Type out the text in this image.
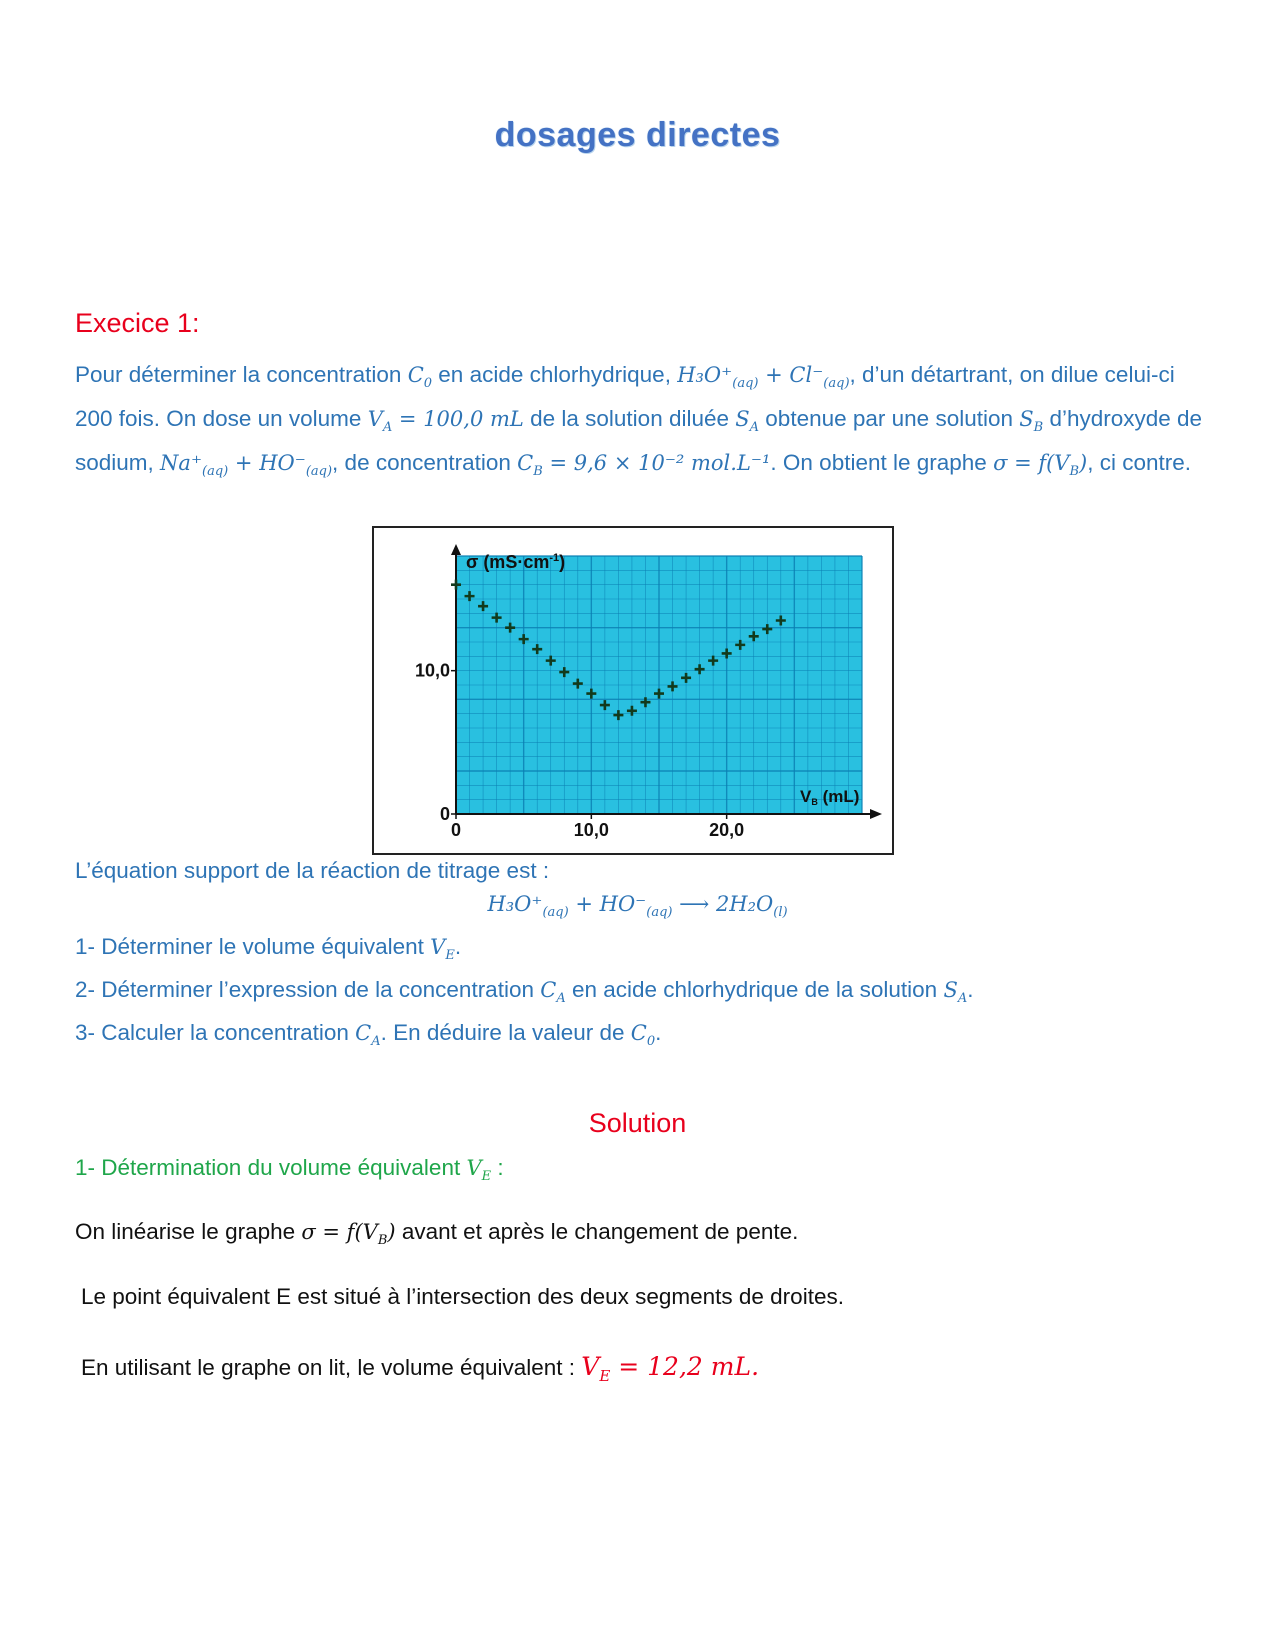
dosages directes
Execice 1:
Pour déterminer la concentration $C_0$ en acide chlorhydrique, $H_3O^+_{(aq)} + Cl^-_{(aq)}$, d’un détartrant, on dilue celui-ci 200 fois. On dose un volume $V_A = 100,0$ mL de la solution diluée $S_A$ obtenue par une solution $S_B$ d’hydroxyde de sodium, $Na^+_{(aq)} + HO^-_{(aq)}$, de concentration $C_B = 9,6 \times 10^{-2}$ mol.L⁻¹. On obtient le graphe $\sigma = f(V_B)$, ci contre.
σ $(mS\cdot cm^{-1})$
VB (mL)
0	10,0	20,0
0
10,0
L’équation support de la réaction de titrage est :
$H_3O^+_{(aq)} + HO^-_{(aq)}$ ⟶ $2H_2O_{(l)}$
1- Déterminer le volume équivalent $V_E$.
2- Déterminer l’expression de la concentration $C_A$ en acide chlorhydrique de la solution $S_A$.
3- Calculer la concentration $C_A$. En déduire la valeur de $C_0$.
Solution
1- Détermination du volume équivalent $V_E$ :
On linéarise le graphe $\sigma = f(V_B)$ avant et après le changement de pente.
Le point équivalent E est situé à l’intersection des deux segments de droites.
En utilisant le graphe on lit, le volume équivalent : $V_E = 12,2$ mL.
